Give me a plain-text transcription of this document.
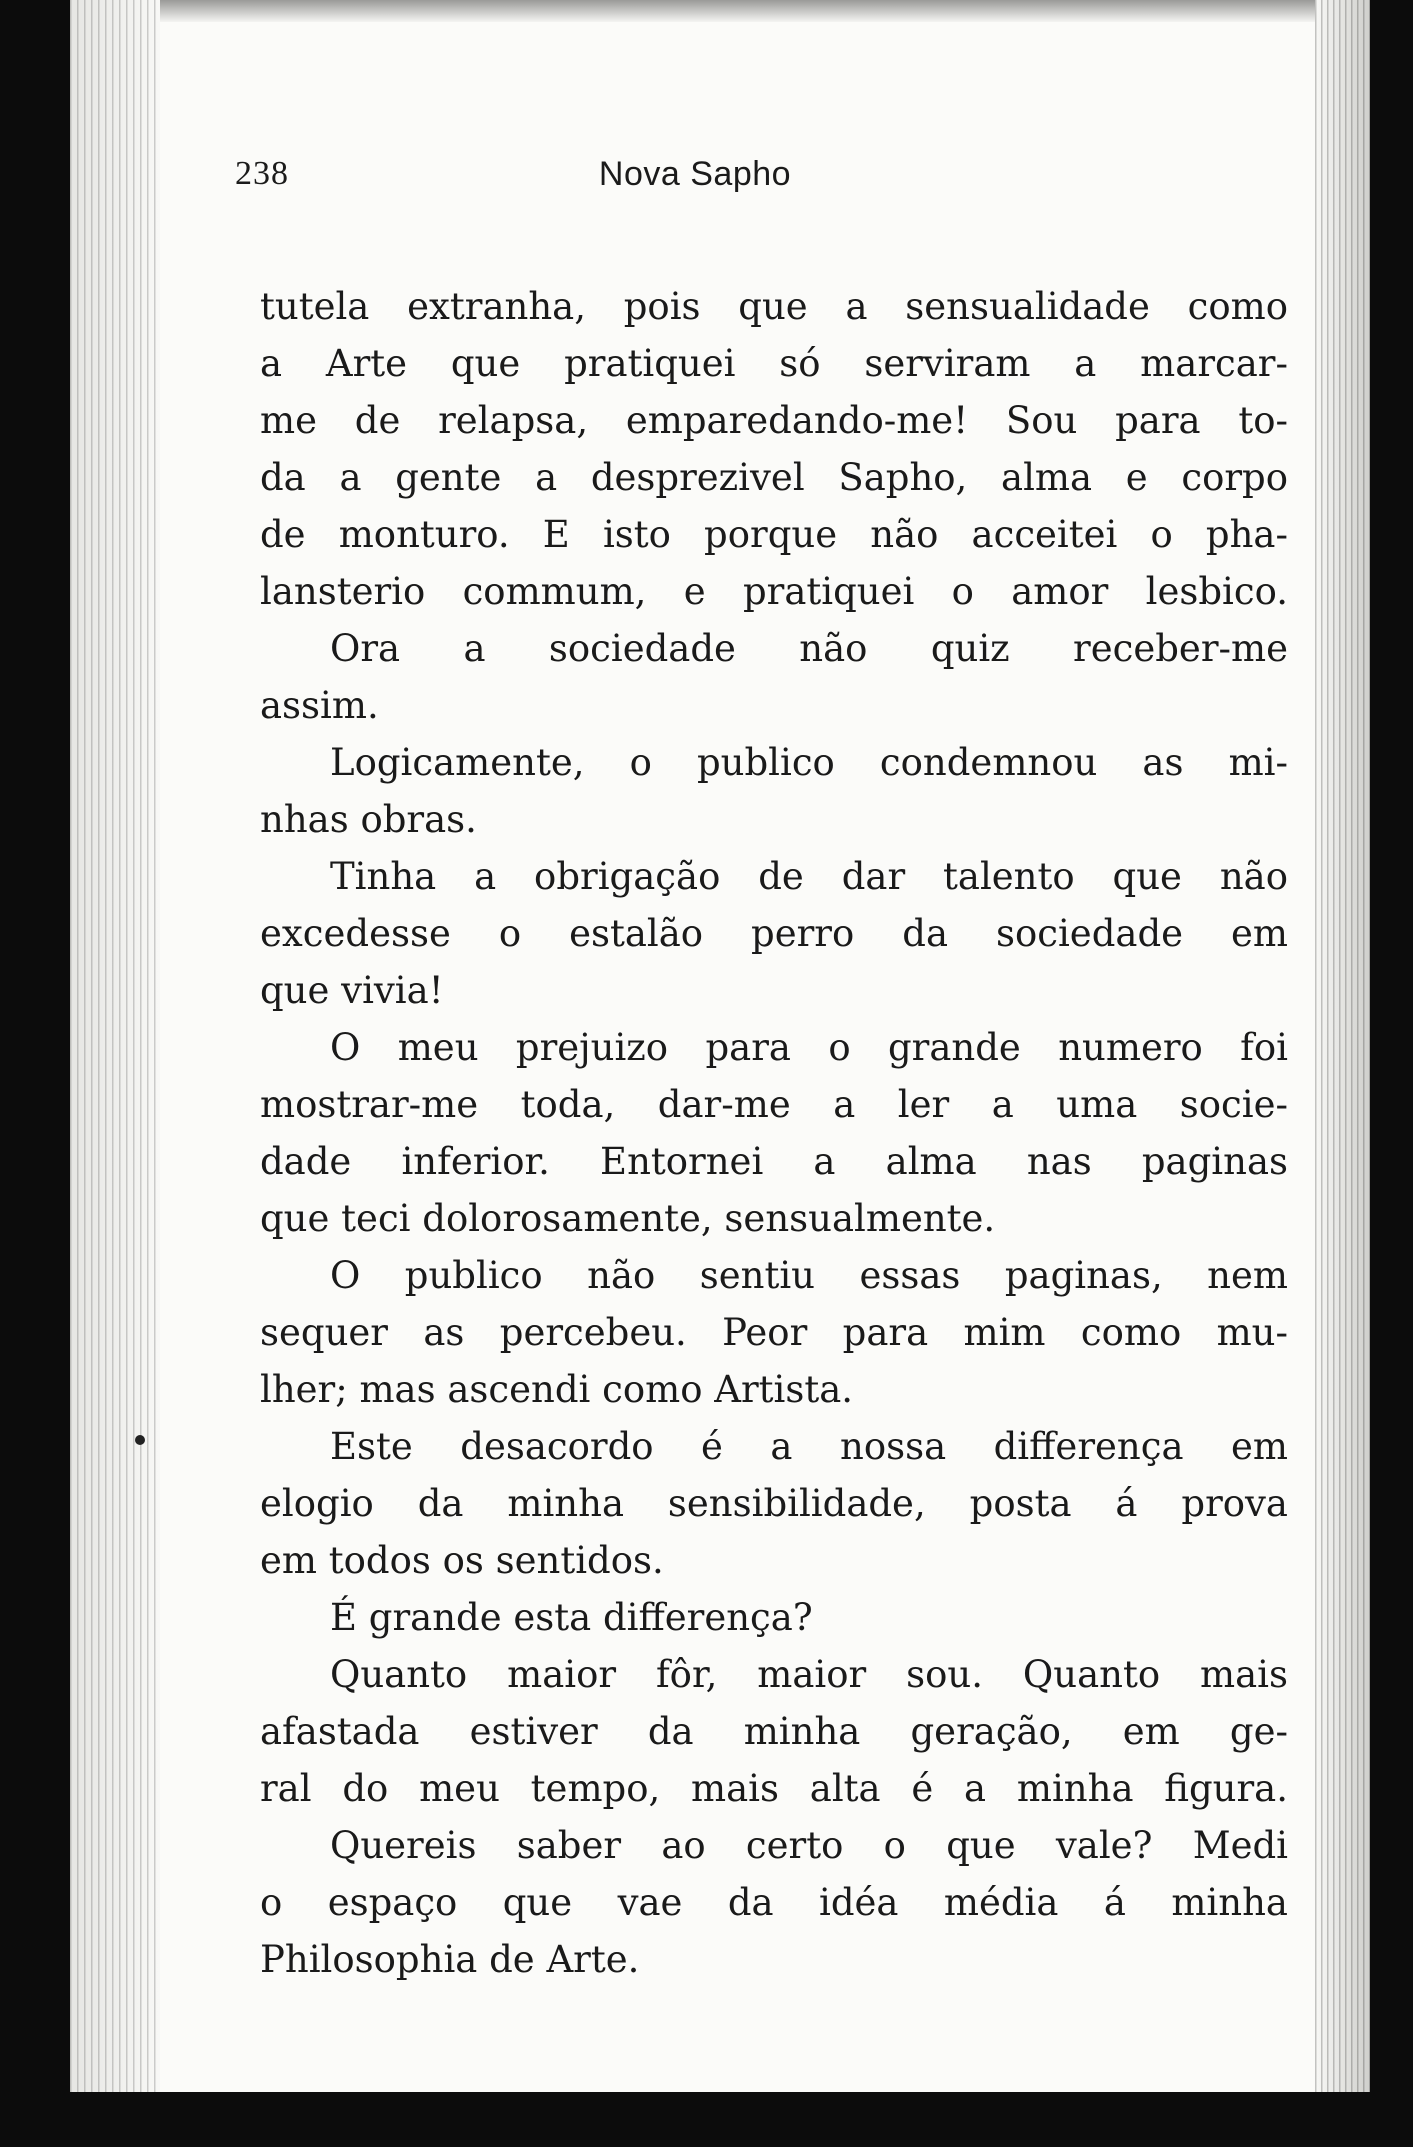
238	Nova Sapho
tutela extranha, pois que a sensualidade como
a Arte que pratiquei só serviram a marcar-
me de relapsa, emparedando-me! Sou para to-
da a gente a desprezivel Sapho, alma e corpo
de monturo. E isto porque não acceitei o pha-
lansterio commum, e pratiquei o amor lesbico.
Ora a sociedade não quiz receber-me
assim.
Logicamente, o publico condemnou as mi-
nhas obras.
Tinha a obrigação de dar talento que não
excedesse o estalão perro da sociedade em
que vivia!
O meu prejuizo para o grande numero foi
mostrar-me toda, dar-me a ler a uma socie-
dade inferior. Entornei a alma nas paginas
que teci dolorosamente, sensualmente.
O publico não sentiu essas paginas, nem
sequer as percebeu. Peor para mim como mu-
lher; mas ascendi como Artista.
Este desacordo é a nossa differença em
elogio da minha sensibilidade, posta á prova
em todos os sentidos.
É grande esta differença?
Quanto maior fôr, maior sou. Quanto mais
afastada estiver da minha geração, em ge-
ral do meu tempo, mais alta é a minha figura.
Quereis saber ao certo o que vale? Medi
o espaço que vae da idéa média á minha
Philosophia de Arte.
